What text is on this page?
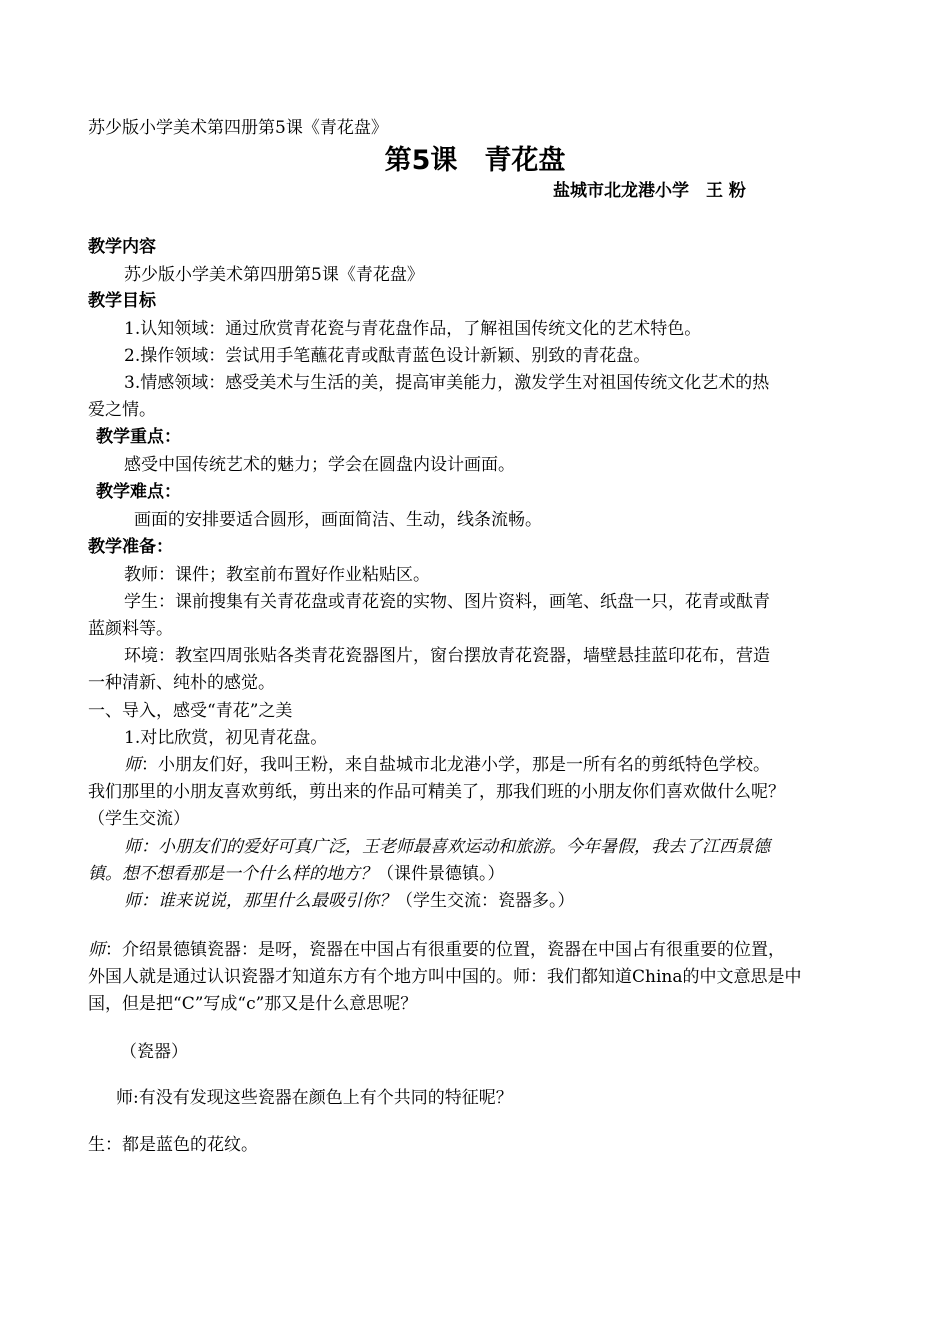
苏少版小学美术第四册第5课《青花盘》
第5课　青花盘
盐城市北龙港小学　王 粉
教学内容
苏少版小学美术第四册第5课《青花盘》
教学目标
1.认知领域：通过欣赏青花瓷与青花盘作品，了解祖国传统文化的艺术特色。
2.操作领域：尝试用手笔蘸花青或酞青蓝色设计新颖、别致的青花盘。
3.情感领域：感受美术与生活的美，提高审美能力，激发学生对祖国传统文化艺术的热
爱之情。
教学重点：
感受中国传统艺术的魅力；学会在圆盘内设计画面。
教学难点：
画面的安排要适合圆形，画面简洁、生动，线条流畅。
教学准备：
教师：课件；教室前布置好作业粘贴区。
学生：课前搜集有关青花盘或青花瓷的实物、图片资料，画笔、纸盘一只，花青或酞青
蓝颜料等。
环境：教室四周张贴各类青花瓷器图片，窗台摆放青花瓷器，墙壁悬挂蓝印花布，营造
一种清新、纯朴的感觉。
一、导入，感受“青花”之美
1.对比欣赏，初见青花盘。
师：小朋友们好，我叫王粉，来自盐城市北龙港小学，那是一所有名的剪纸特色学校。
我们那里的小朋友喜欢剪纸，剪出来的作品可精美了，那我们班的小朋友你们喜欢做什么呢？
（学生交流）
师：小朋友们的爱好可真广泛，王老师最喜欢运动和旅游。今年暑假，我去了江西景德
镇。想不想看那是一个什么样的地方？（课件景德镇。）
师：谁来说说，那里什么最吸引你？（学生交流：瓷器多。）
师：介绍景德镇瓷器：是呀，瓷器在中国占有很重要的位置，瓷器在中国占有很重要的位置，
外国人就是通过认识瓷器才知道东方有个地方叫中国的。师：我们都知道China的中文意思是中
国，但是把“C”写成“c”那又是什么意思呢？
（瓷器）
师:有没有发现这些瓷器在颜色上有个共同的特征呢？
生：都是蓝色的花纹。
